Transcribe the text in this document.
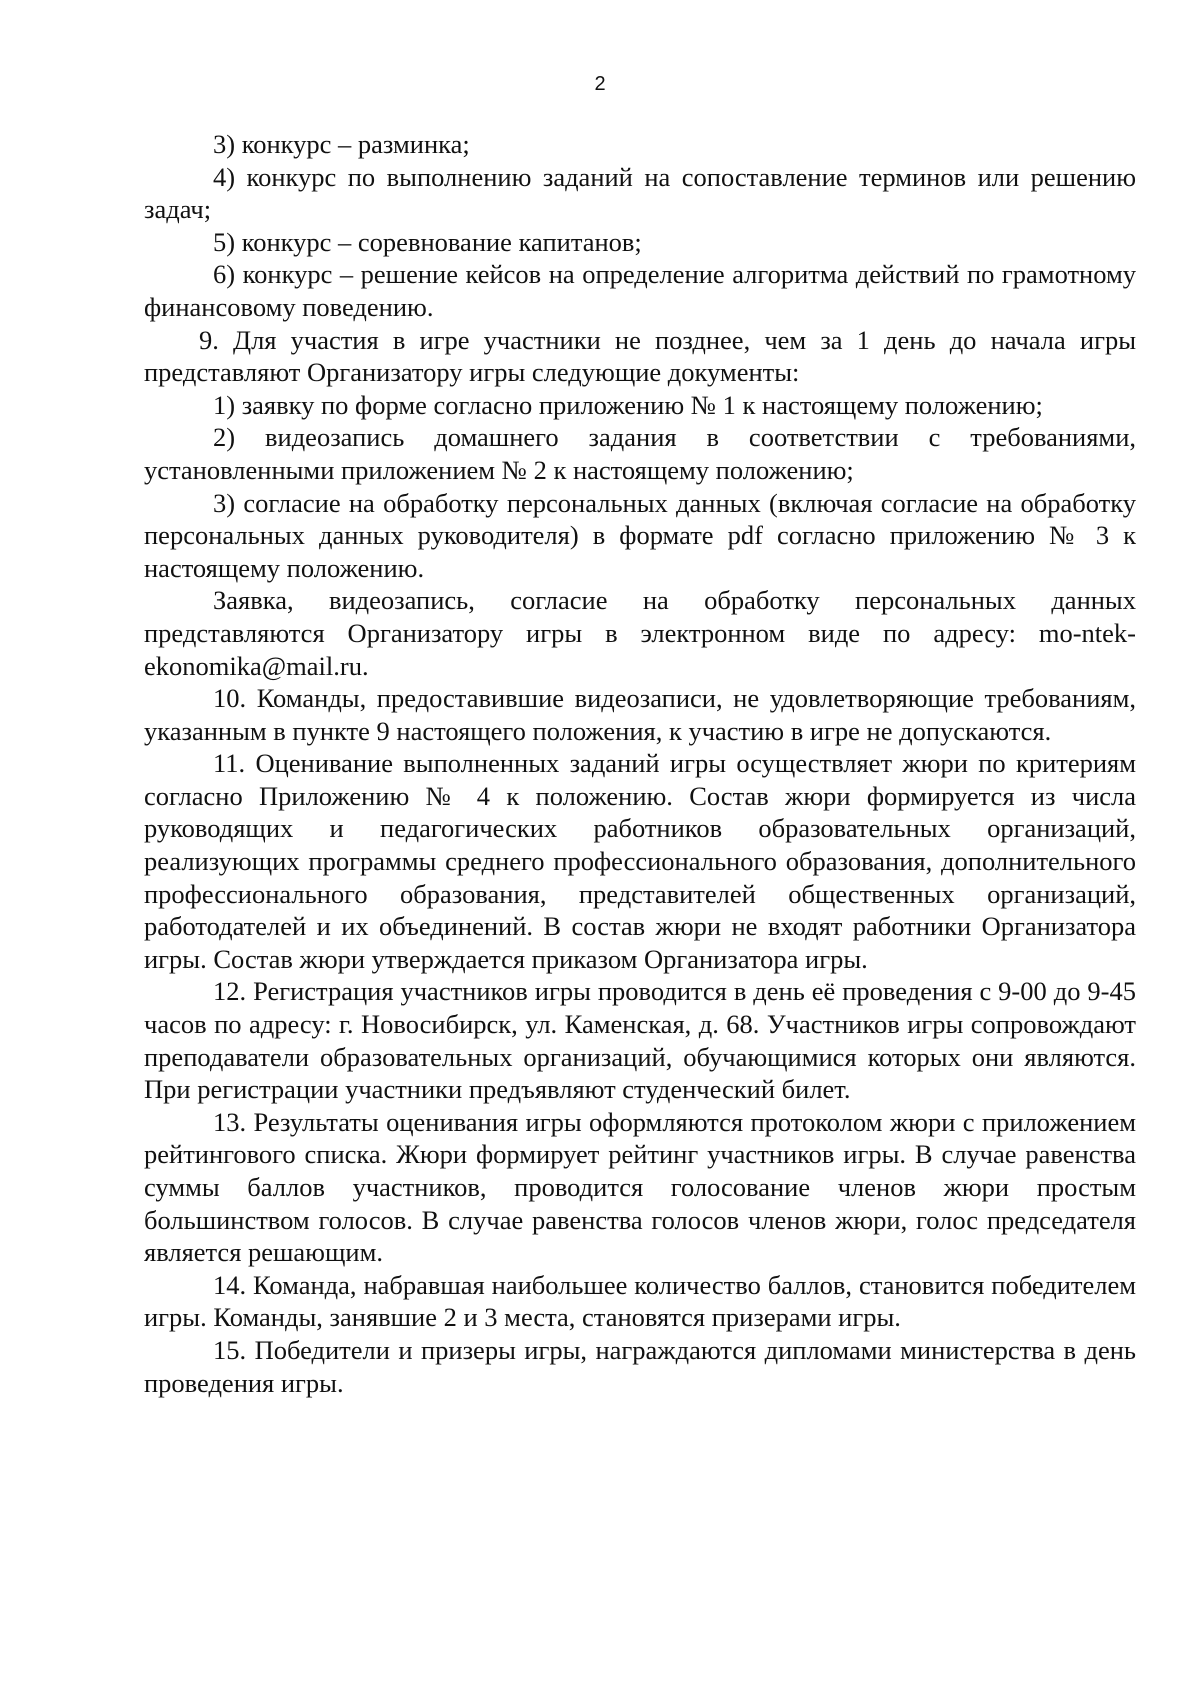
2

3) конкурс – разминка;

4) конкурс по выполнению заданий на сопоставление терминов или решению задач;

5) конкурс – соревнование капитанов;

6) конкурс – решение кейсов на определение алгоритма действий по грамотному финансовому поведению.

9. Для участия в игре участники не позднее, чем за 1 день до начала игры представляют Организатору игры следующие документы:

1) заявку по форме согласно приложению № 1 к настоящему положению;

2) видеозапись домашнего задания в соответствии с требованиями, установленными приложением № 2 к настоящему положению;

3) согласие на обработку персональных данных (включая согласие на обработку персональных данных руководителя) в формате pdf согласно приложению № 3 к настоящему положению.

Заявка, видеозапись, согласие на обработку персональных данных представляются Организатору игры в электронном виде по адресу: mo-ntek-ekonomika@mail.ru.

10. Команды, предоставившие видеозаписи, не удовлетворяющие требованиям, указанным в пункте 9 настоящего положения, к участию в игре не допускаются.

11. Оценивание выполненных заданий игры осуществляет жюри по критериям согласно Приложению № 4 к положению. Состав жюри формируется из числа руководящих и педагогических работников образовательных организаций, реализующих программы среднего профессионального образования, дополнительного профессионального образования, представителей общественных организаций, работодателей и их объединений. В состав жюри не входят работники Организатора игры. Состав жюри утверждается приказом Организатора игры.

12. Регистрация участников игры проводится в день её проведения с 9-00 до 9-45 часов по адресу: г. Новосибирск, ул. Каменская, д. 68. Участников игры сопровождают преподаватели образовательных организаций, обучающимися которых они являются. При регистрации участники предъявляют студенческий билет.

13. Результаты оценивания игры оформляются протоколом жюри с приложением рейтингового списка. Жюри формирует рейтинг участников игры. В случае равенства суммы баллов участников, проводится голосование членов жюри простым большинством голосов. В случае равенства голосов членов жюри, голос председателя является решающим.

14. Команда, набравшая наибольшее количество баллов, становится победителем игры. Команды, занявшие 2 и 3 места, становятся призерами игры.

15. Победители и призеры игры, награждаются дипломами министерства в день проведения игры.
